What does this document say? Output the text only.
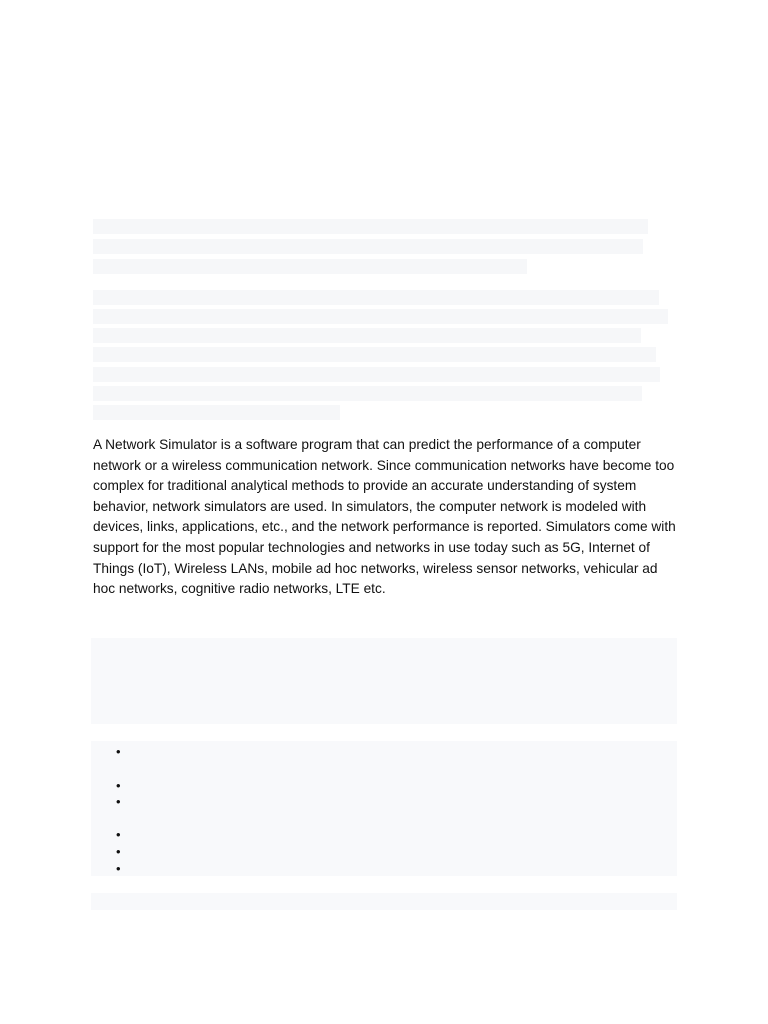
A Network Simulator is a software program that can predict the performance of a computer network or a wireless communication network. Since communication networks have become too complex for traditional analytical methods to provide an accurate understanding of system behavior, network simulators are used. In simulators, the computer network is modeled with devices, links, applications, etc., and the network performance is reported. Simulators come with support for the most popular technologies and networks in use today such as 5G, Internet of Things (IoT), Wireless LANs, mobile ad hoc networks, wireless sensor networks, vehicular ad hoc networks, cognitive radio networks, LTE etc.

•
•
•
•
•
•
